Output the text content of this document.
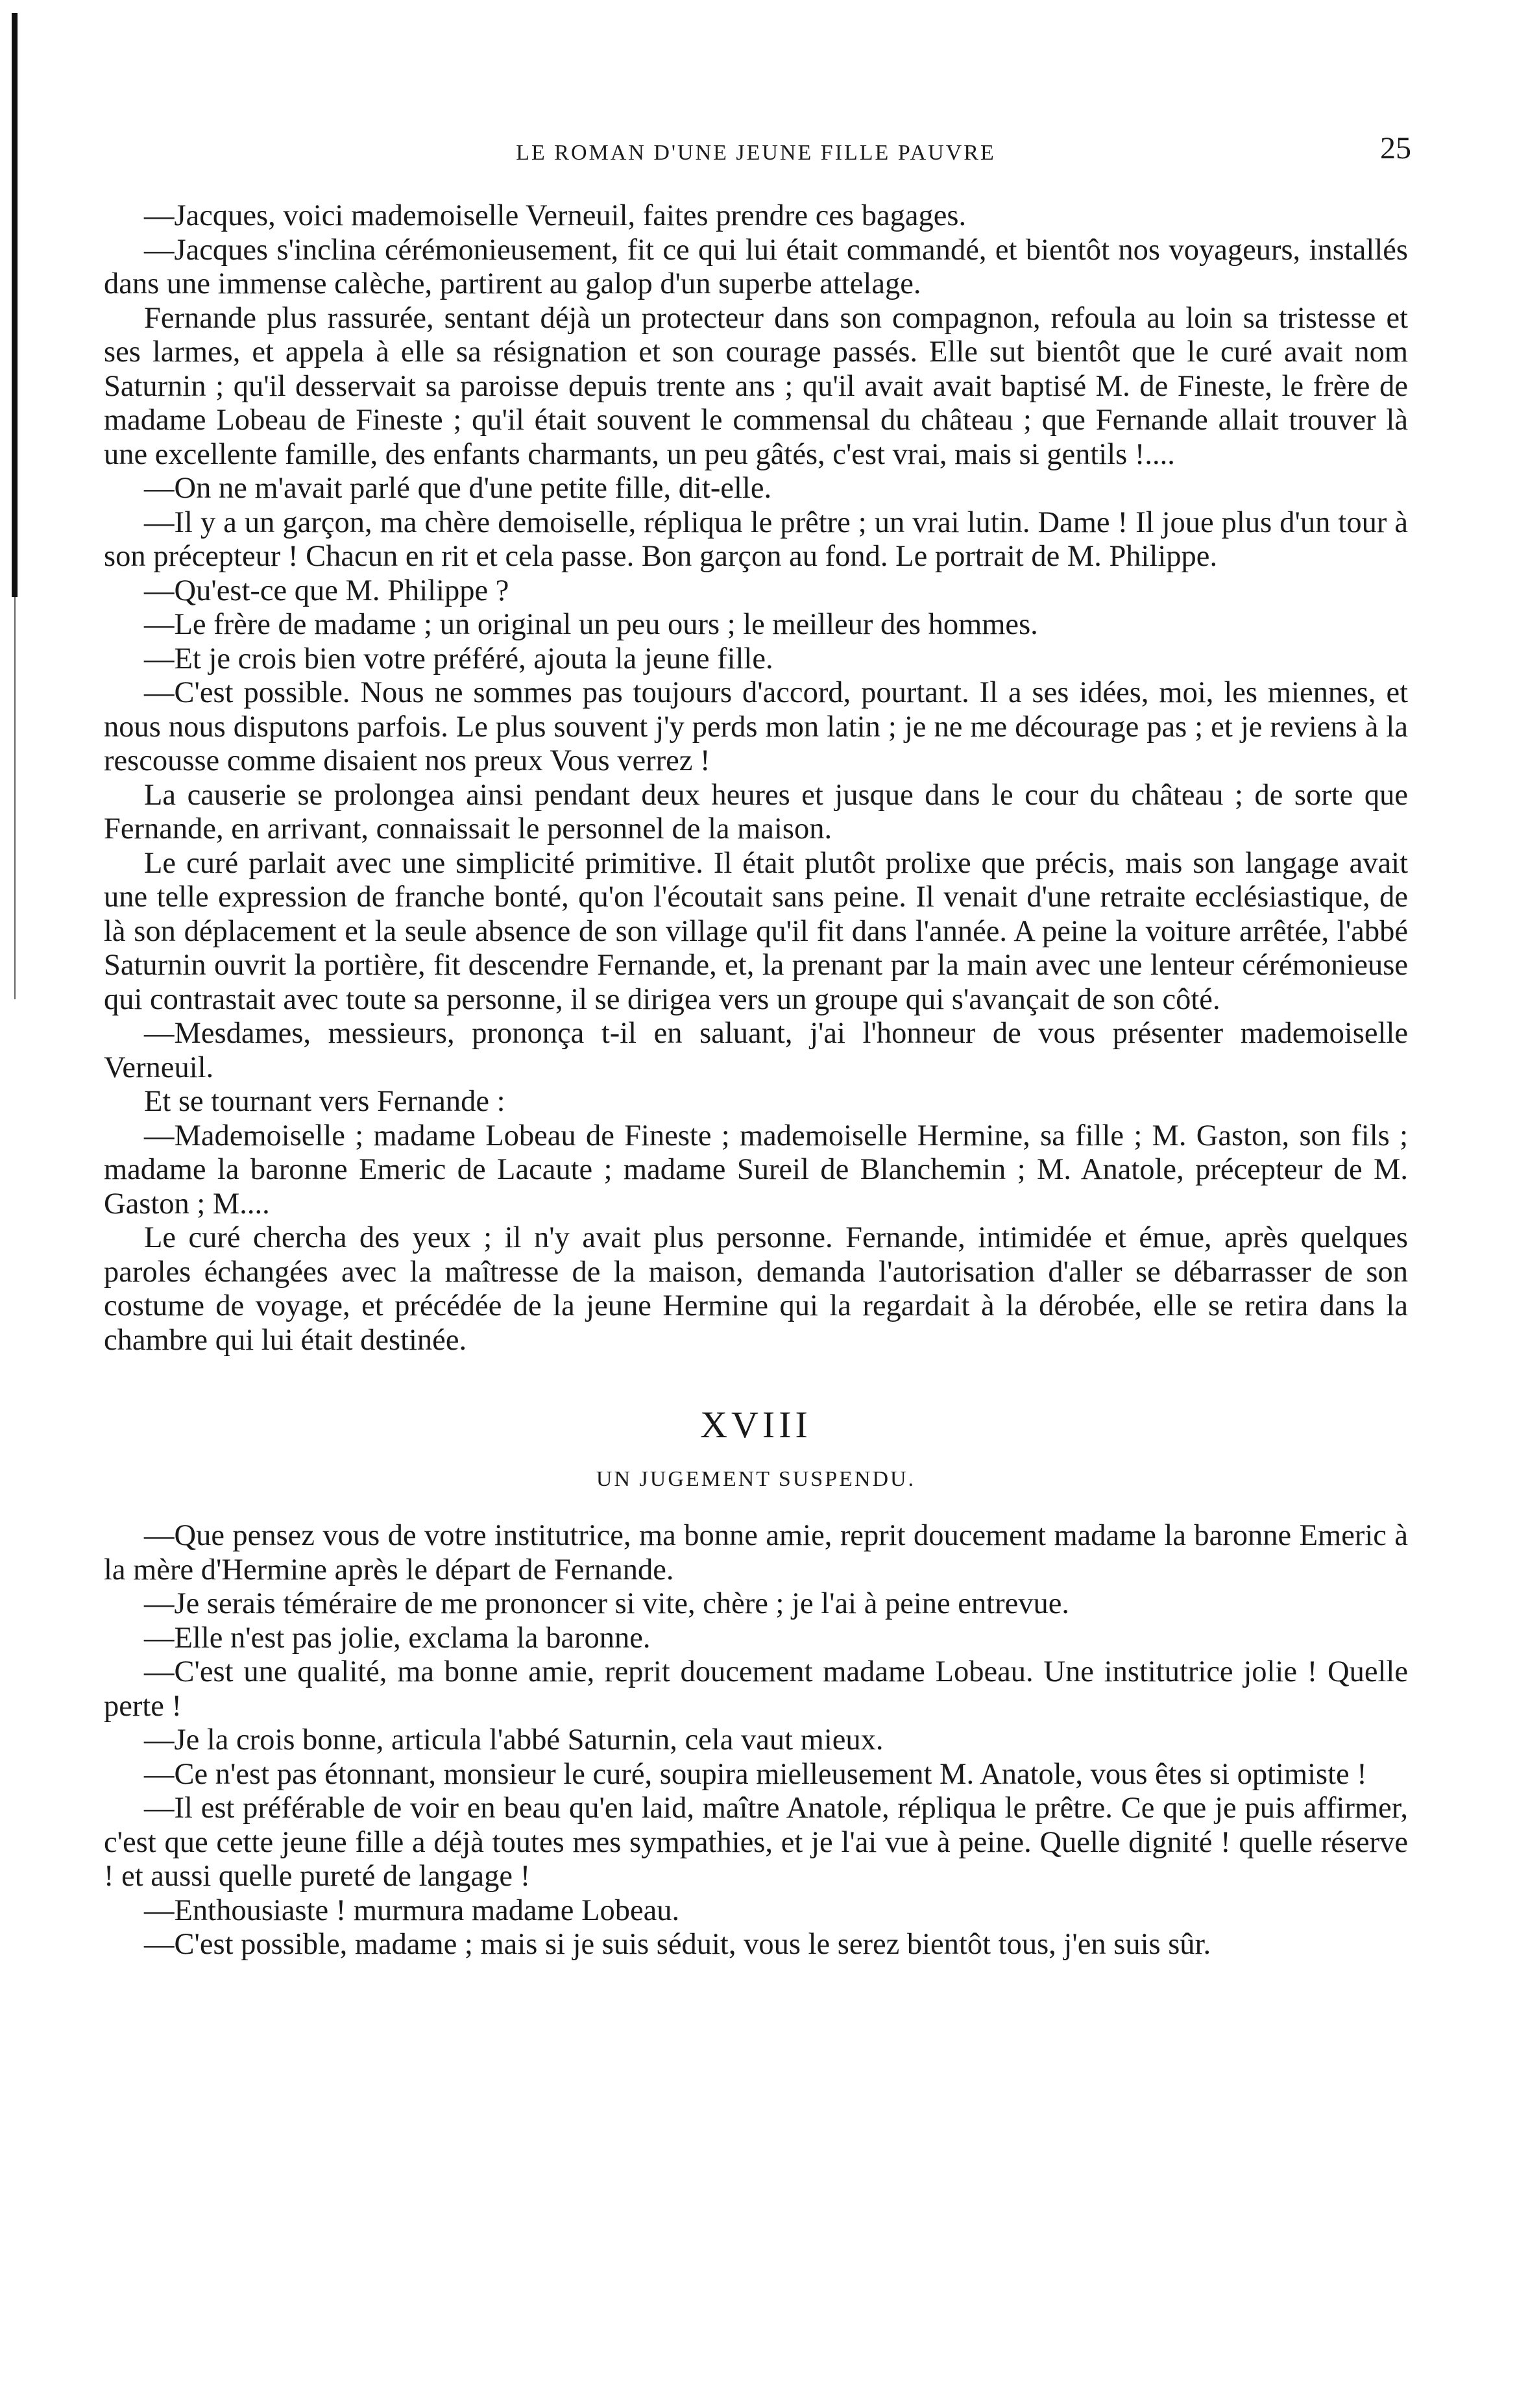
LE ROMAN D'UNE JEUNE FILLE PAUVRE	25

—Jacques, voici mademoiselle Verneuil, faites prendre ces bagages.

—Jacques s'inclina cérémonieusement, fit ce qui lui était commandé, et bientôt nos voyageurs, installés dans une immense calèche, partirent au galop d'un superbe attelage.

Fernande plus rassurée, sentant déjà un protecteur dans son compagnon, refoula au loin sa tristesse et ses larmes, et appela à elle sa résignation et son courage passés. Elle sut bientôt que le curé avait nom Saturnin ; qu'il desservait sa paroisse depuis trente ans ; qu'il avait avait baptisé M. de Fineste, le frère de madame Lobeau de Fineste ; qu'il était souvent le commensal du château ; que Fernande allait trouver là une excellente famille, des enfants charmants, un peu gâtés, c'est vrai, mais si gentils !....

—On ne m'avait parlé que d'une petite fille, dit-elle.

—Il y a un garçon, ma chère demoiselle, répliqua le prêtre ; un vrai lutin. Dame ! Il joue plus d'un tour à son précepteur ! Chacun en rit et cela passe. Bon garçon au fond. Le portrait de M. Philippe.

—Qu'est-ce que M. Philippe ?

—Le frère de madame ; un original un peu ours ; le meilleur des hommes.

—Et je crois bien votre préféré, ajouta la jeune fille.

—C'est possible. Nous ne sommes pas toujours d'accord, pourtant. Il a ses idées, moi, les miennes, et nous nous disputons parfois. Le plus souvent j'y perds mon latin ; je ne me décourage pas ; et je reviens à la rescousse comme disaient nos preux Vous verrez !

La causerie se prolongea ainsi pendant deux heures et jusque dans le cour du château ; de sorte que Fernande, en arrivant, connaissait le personnel de la maison.

Le curé parlait avec une simplicité primitive. Il était plutôt prolixe que précis, mais son langage avait une telle expression de franche bonté, qu'on l'écoutait sans peine. Il venait d'une retraite ecclésiastique, de là son déplacement et la seule absence de son village qu'il fit dans l'année. A peine la voiture arrêtée, l'abbé Saturnin ouvrit la portière, fit descendre Fernande, et, la prenant par la main avec une lenteur cérémonieuse qui contrastait avec toute sa personne, il se dirigea vers un groupe qui s'avançait de son côté.

—Mesdames, messieurs, prononça t-il en saluant, j'ai l'honneur de vous présenter mademoiselle Verneuil.

Et se tournant vers Fernande :

—Mademoiselle ; madame Lobeau de Fineste ; mademoiselle Hermine, sa fille ; M. Gaston, son fils ; madame la baronne Emeric de Lacaute ; madame Sureil de Blanchemin ; M. Anatole, précepteur de M. Gaston ; M....

Le curé chercha des yeux ; il n'y avait plus personne. Fernande, intimidée et émue, après quelques paroles échangées avec la maîtresse de la maison, demanda l'autorisation d'aller se débarrasser de son costume de voyage, et précédée de la jeune Hermine qui la regardait à la dérobée, elle se retira dans la chambre qui lui était destinée.

XVIII
UN JUGEMENT SUSPENDU.

—Que pensez vous de votre institutrice, ma bonne amie, reprit doucement madame la baronne Emeric à la mère d'Hermine après le départ de Fernande.

—Je serais téméraire de me prononcer si vite, chère ; je l'ai à peine entrevue.

—Elle n'est pas jolie, exclama la baronne.

—C'est une qualité, ma bonne amie, reprit doucement madame Lobeau. Une institutrice jolie ! Quelle perte !

—Je la crois bonne, articula l'abbé Saturnin, cela vaut mieux.

—Ce n'est pas étonnant, monsieur le curé, soupira mielleusement M. Anatole, vous êtes si optimiste !

—Il est préférable de voir en beau qu'en laid, maître Anatole, répliqua le prêtre. Ce que je puis affirmer, c'est que cette jeune fille a déjà toutes mes sympathies, et je l'ai vue à peine. Quelle dignité ! quelle réserve ! et aussi quelle pureté de langage !

—Enthousiaste ! murmura madame Lobeau.

—C'est possible, madame ; mais si je suis séduit, vous le serez bientôt tous, j'en suis sûr.
